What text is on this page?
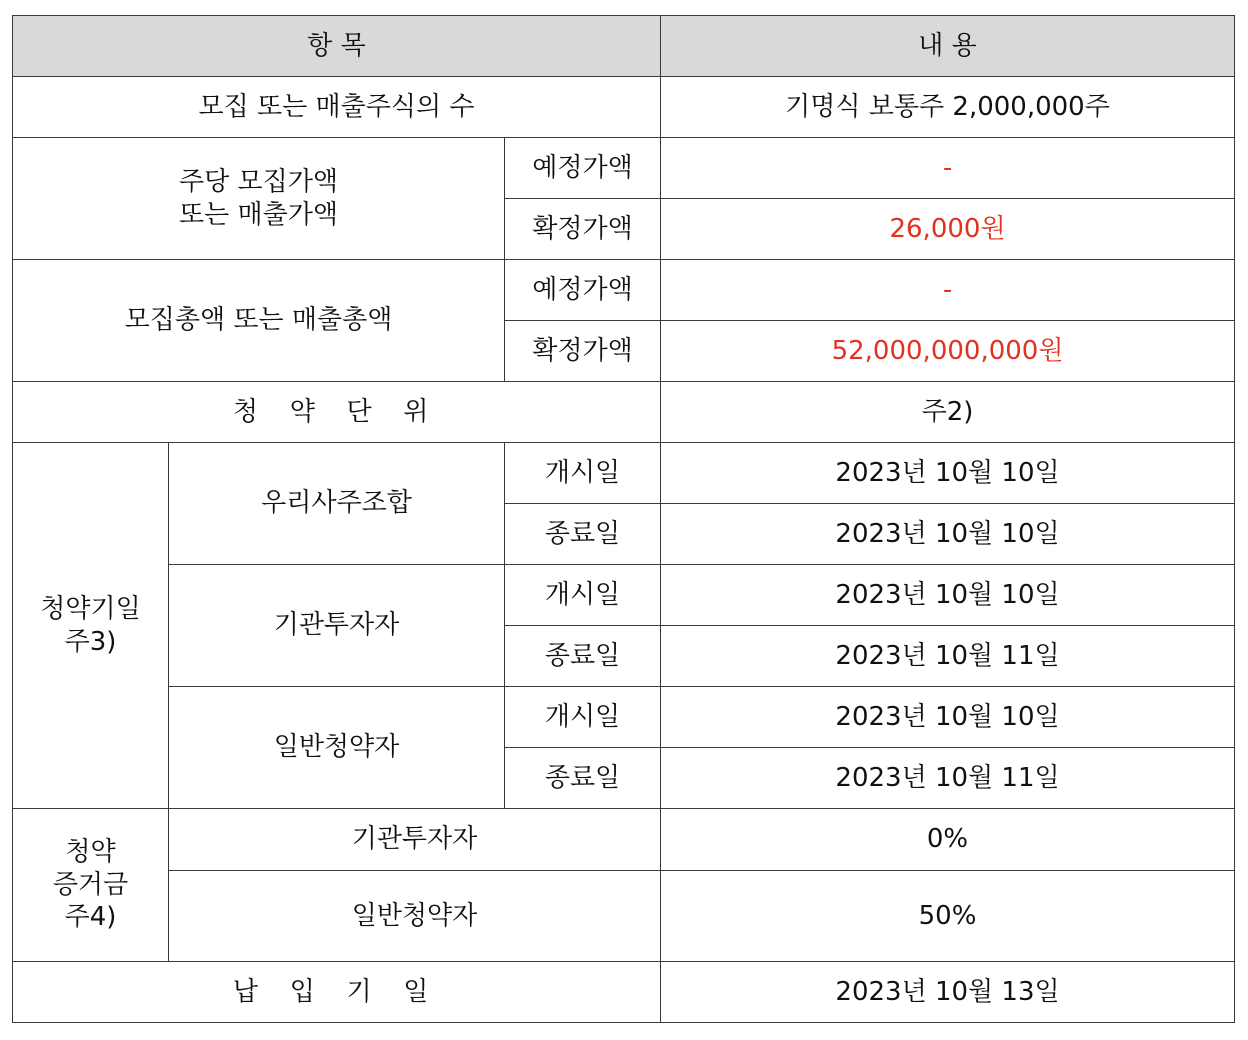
항 목			내 용
모집 또는 매출주식의 수			기명식 보통주 2,000,000주

주당 모집가액
또는 매출가액		예정가액	-
		확정가액	26,000원
모집총액 또는 매출총액		예정가액	-
		확정가액	52,000,000,000원
청 약 단 위			주2)

청약기일
주3)	우리사주조합	개시일	2023년 10월 10일
		종료일	2023년 10월 10일
	기관투자자	개시일	2023년 10월 10일
		종료일	2023년 10월 11일
	일반청약자	개시일	2023년 10월 10일
		종료일	2023년 10월 11일

청약
증거금
주4)	기관투자자		0%
	일반청약자		50%
납 입 기 일			2023년 10월 13일
